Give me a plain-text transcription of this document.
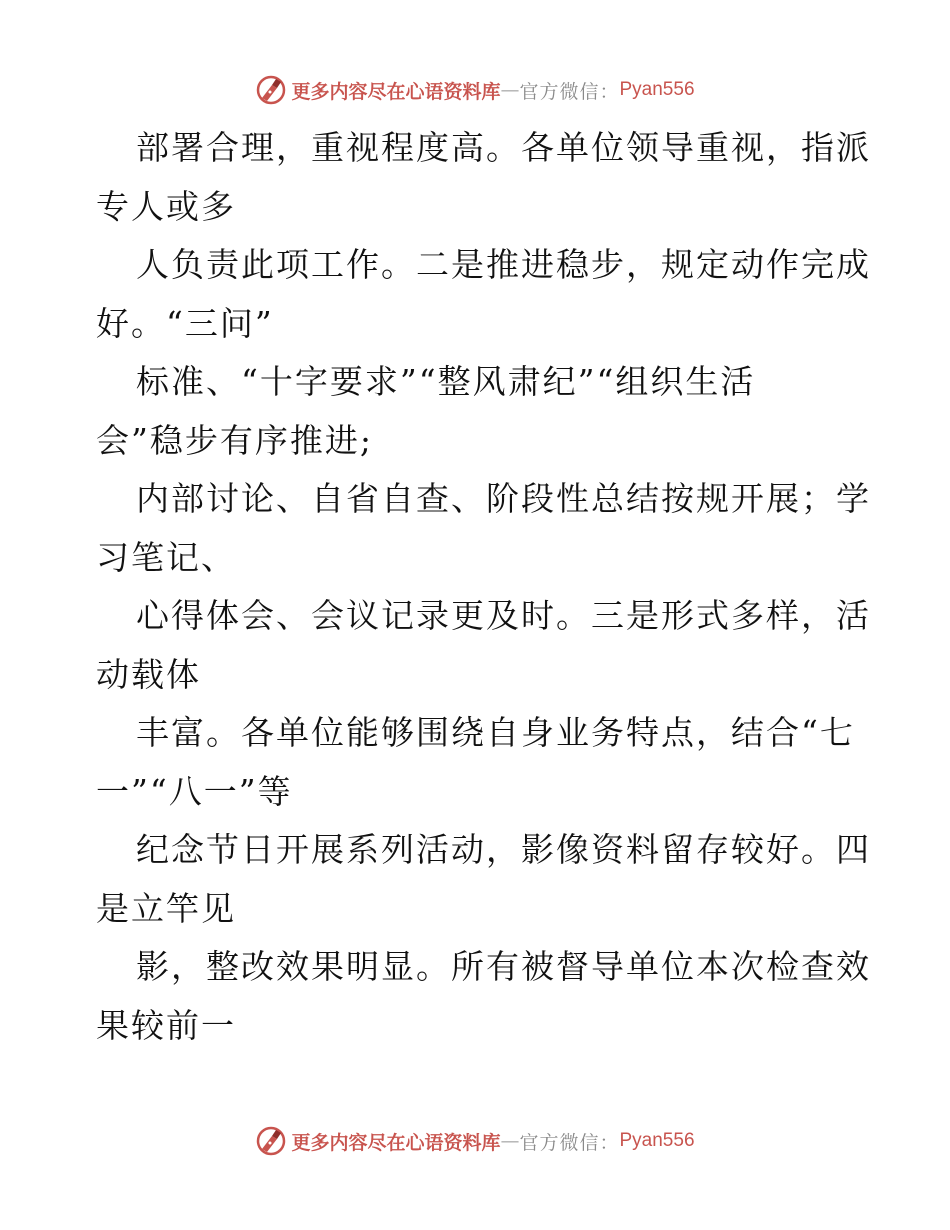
更多内容尽在心语资料库 — 官方微信： Pyan556

部署合理，重视程度高。各单位领导重视，指派
专人或多

人负责此项工作。二是推进稳步，规定动作完成
好。“三问”

标准、“十字要求”“整风肃纪”“组织生活
会”稳步有序推进;

内部讨论、自省自查、阶段性总结按规开展；学
习笔记、

心得体会、会议记录更及时。三是形式多样，活
动载体

丰富。各单位能够围绕自身业务特点，结合“七
一”“八一”等

纪念节日开展系列活动，影像资料留存较好。四
是立竿见

影，整改效果明显。所有被督导单位本次检查效
果较前一

更多内容尽在心语资料库 — 官方微信： Pyan556
